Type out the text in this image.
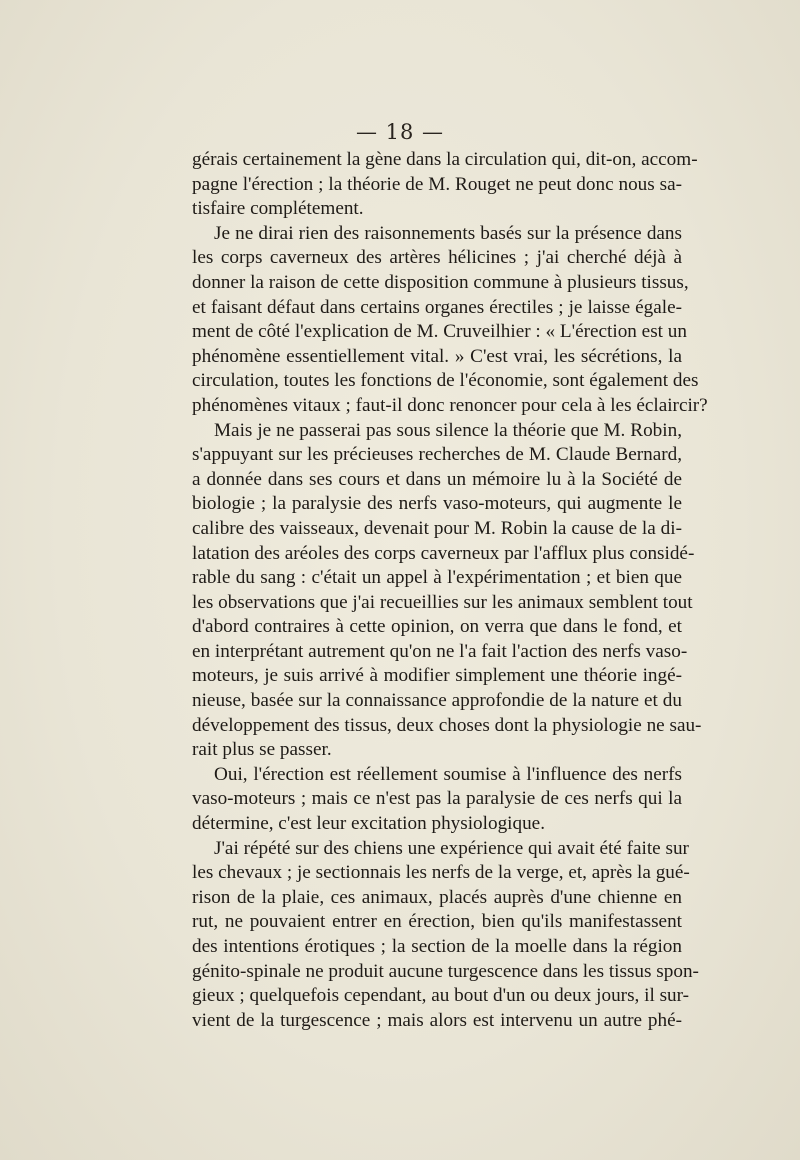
— 18 —
gérais certainement la gène dans la circulation qui, dit-on, accom-
pagne l'érection ; la théorie de M. Rouget ne peut donc nous sa-
tisfaire complétement.
Je ne dirai rien des raisonnements basés sur la présence dans
les corps caverneux des artères hélicines ; j'ai cherché déjà à
donner la raison de cette disposition commune à plusieurs tissus,
et faisant défaut dans certains organes érectiles ; je laisse égale-
ment de côté l'explication de M. Cruveilhier : « L'érection est un
phénomène essentiellement vital. » C'est vrai, les sécrétions, la
circulation, toutes les fonctions de l'économie, sont également des
phénomènes vitaux ; faut-il donc renoncer pour cela à les éclaircir?
Mais je ne passerai pas sous silence la théorie que M. Robin,
s'appuyant sur les précieuses recherches de M. Claude Bernard,
a donnée dans ses cours et dans un mémoire lu à la Société de
biologie ; la paralysie des nerfs vaso-moteurs, qui augmente le
calibre des vaisseaux, devenait pour M. Robin la cause de la di-
latation des aréoles des corps caverneux par l'afflux plus considé-
rable du sang : c'était un appel à l'expérimentation ; et bien que
les observations que j'ai recueillies sur les animaux semblent tout
d'abord contraires à cette opinion, on verra que dans le fond, et
en interprétant autrement qu'on ne l'a fait l'action des nerfs vaso-
moteurs, je suis arrivé à modifier simplement une théorie ingé-
nieuse, basée sur la connaissance approfondie de la nature et du
développement des tissus, deux choses dont la physiologie ne sau-
rait plus se passer.
Oui, l'érection est réellement soumise à l'influence des nerfs
vaso-moteurs ; mais ce n'est pas la paralysie de ces nerfs qui la
détermine, c'est leur excitation physiologique.
J'ai répété sur des chiens une expérience qui avait été faite sur
les chevaux ; je sectionnais les nerfs de la verge, et, après la gué-
rison de la plaie, ces animaux, placés auprès d'une chienne en
rut, ne pouvaient entrer en érection, bien qu'ils manifestassent
des intentions érotiques ; la section de la moelle dans la région
génito-spinale ne produit aucune turgescence dans les tissus spon-
gieux ; quelquefois cependant, au bout d'un ou deux jours, il sur-
vient de la turgescence ; mais alors est intervenu un autre phé-
